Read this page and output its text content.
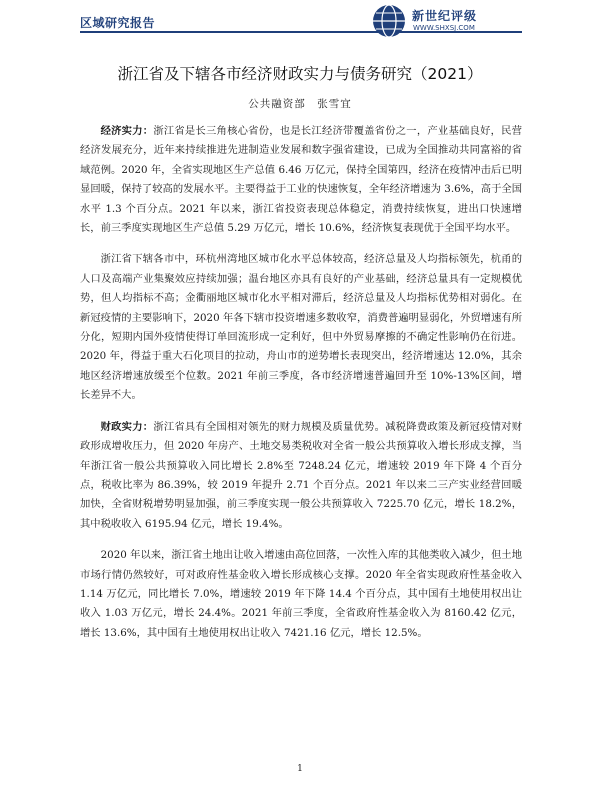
区域研究报告	新世纪评级
WWW.SHXSJ.COM
浙江省及下辖各市经济财政实力与债务研究（2021）
公共融资部　张雪宜

经济实力：浙江省是长三角核心省份，也是长江经济带覆盖省份之一，产业基础良好，民营经济发展充分，近年来持续推进先进制造业发展和数字强省建设，已成为全国推动共同富裕的省域范例。2020 年，全省实现地区生产总值 6.46 万亿元，保持全国第四，经济在疫情冲击后已明显回暖，保持了较高的发展水平。主要得益于工业的快速恢复，全年经济增速为 3.6%，高于全国水平 1.3 个百分点。2021 年以来，浙江省投资表现总体稳定，消费持续恢复，进出口快速增长，前三季度实现地区生产总值 5.29 万亿元，增长 10.6%，经济恢复表现优于全国平均水平。

浙江省下辖各市中，环杭州湾地区城市化水平总体较高，经济总量及人均指标领先，杭甬的人口及高端产业集聚效应持续加强；温台地区亦具有良好的产业基础，经济总量具有一定规模优势，但人均指标不高；金衢丽地区城市化水平相对滞后，经济总量及人均指标优势相对弱化。在新冠疫情的主要影响下，2020 年各下辖市投资增速多数收窄，消费普遍明显弱化，外贸增速有所分化，短期内国外疫情使得订单回流形成一定利好，但中外贸易摩擦的不确定性影响仍在衍进。2020 年，得益于重大石化项目的拉动，舟山市的逆势增长表现突出，经济增速达 12.0%，其余地区经济增速放缓至个位数。2021 年前三季度，各市经济增速普遍回升至 10%-13%区间，增长差异不大。

财政实力：浙江省具有全国相对领先的财力规模及质量优势。减税降费政策及新冠疫情对财政形成增收压力，但 2020 年房产、土地交易类税收对全省一般公共预算收入增长形成支撑，当年浙江省一般公共预算收入同比增长 2.8%至 7248.24 亿元，增速较 2019 年下降 4 个百分点，税收比率为 86.39%，较 2019 年提升 2.71 个百分点。2021 年以来二三产实业经营回暖加快，全省财税增势明显加强，前三季度实现一般公共预算收入 7225.70 亿元，增长 18.2%，其中税收收入 6195.94 亿元，增长 19.4%。

2020 年以来，浙江省土地出让收入增速由高位回落，一次性入库的其他类收入减少，但土地市场行情仍然较好，可对政府性基金收入增长形成核心支撑。2020 年全省实现政府性基金收入 1.14 万亿元，同比增长 7.0%，增速较 2019 年下降 14.4 个百分点，其中国有土地使用权出让收入 1.03 万亿元，增长 24.4%。2021 年前三季度，全省政府性基金收入为 8160.42 亿元，增长 13.6%，其中国有土地使用权出让收入 7421.16 亿元，增长 12.5%。

1
